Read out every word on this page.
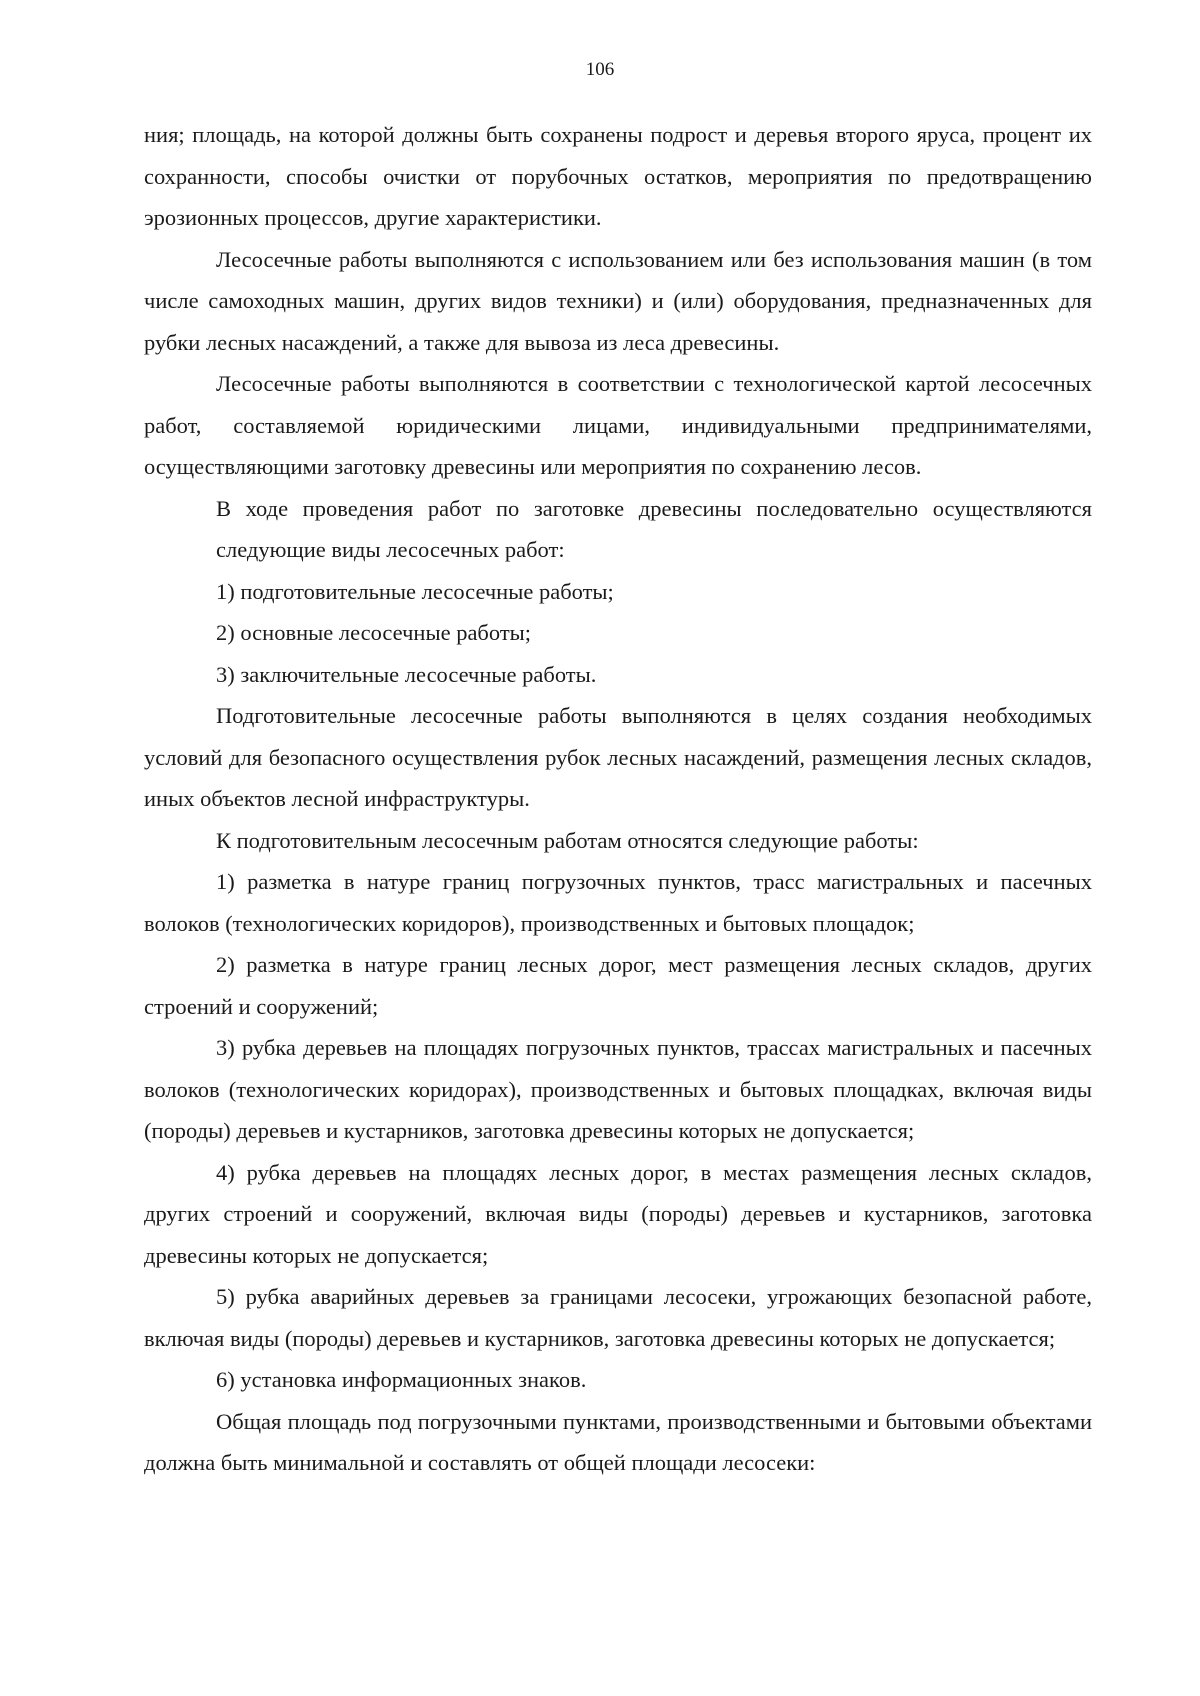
106

ния; площадь, на которой должны быть сохранены подрост и деревья второго яруса, процент их сохранности, способы очистки от порубочных остатков, мероприятия по предотвращению эрозионных процессов, другие характеристики.

Лесосечные работы выполняются с использованием или без использования машин (в том числе самоходных машин, других видов техники) и (или) оборудования, предназначенных для рубки лесных насаждений, а также для вывоза из леса древесины.

Лесосечные работы выполняются в соответствии с технологической картой лесосечных работ, составляемой юридическими лицами, индивидуальными предпринимателями, осуществляющими заготовку древесины или мероприятия по сохранению лесов.

В ходе проведения работ по заготовке древесины последовательно осуществляются следующие виды лесосечных работ:

1) подготовительные лесосечные работы;

2) основные лесосечные работы;

3) заключительные лесосечные работы.

Подготовительные лесосечные работы выполняются в целях создания необходимых условий для безопасного осуществления рубок лесных насаждений, размещения лесных складов, иных объектов лесной инфраструктуры.

К подготовительным лесосечным работам относятся следующие работы:

1) разметка в натуре границ погрузочных пунктов, трасс магистральных и пасечных волоков (технологических коридоров), производственных и бытовых площадок;

2) разметка в натуре границ лесных дорог, мест размещения лесных складов, других строений и сооружений;

3) рубка деревьев на площадях погрузочных пунктов, трассах магистральных и пасечных волоков (технологических коридорах), производственных и бытовых площадках, включая виды (породы) деревьев и кустарников, заготовка древесины которых не допускается;

4) рубка деревьев на площадях лесных дорог, в местах размещения лесных складов, других строений и сооружений, включая виды (породы) деревьев и кустарников, заготовка древесины которых не допускается;

5) рубка аварийных деревьев за границами лесосеки, угрожающих безопасной работе, включая виды (породы) деревьев и кустарников, заготовка древесины которых не допускается;

6) установка информационных знаков.

Общая площадь под погрузочными пунктами, производственными и бытовыми объектами должна быть минимальной и составлять от общей площади лесосеки:
